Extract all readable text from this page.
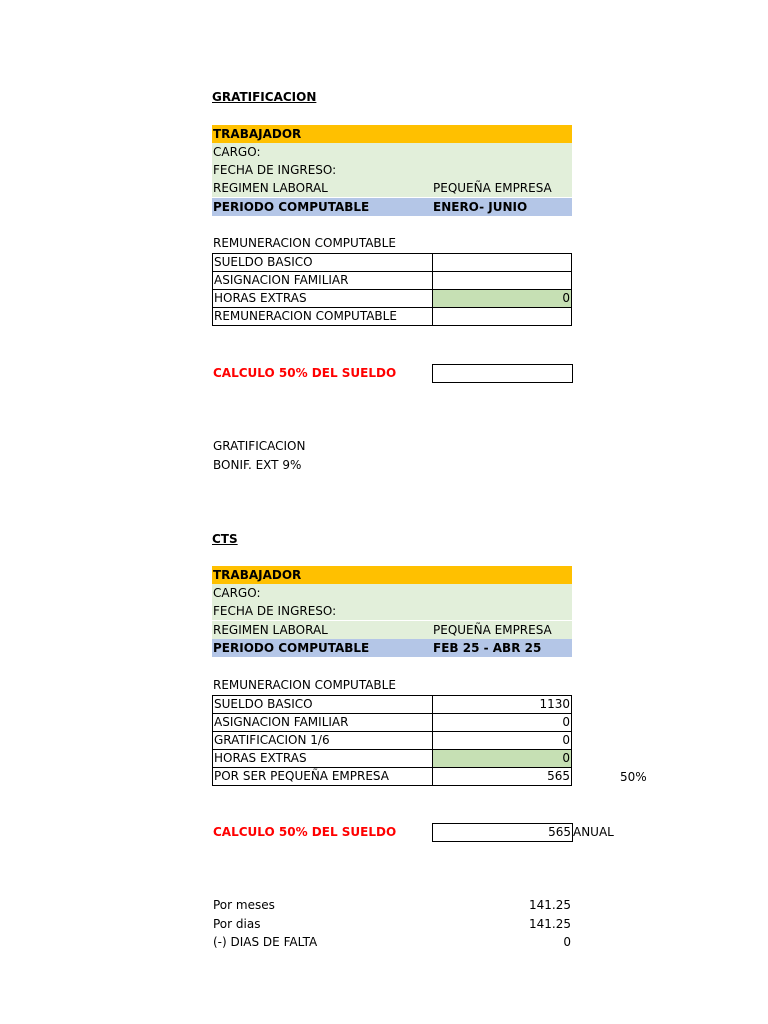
GRATIFICACION
TRABAJADOR
CARGO:
FECHA DE INGRESO:
REGIMEN LABORAL	PEQUEÑA EMPRESA
PERIODO COMPUTABLE	ENERO- JUNIO
REMUNERACION COMPUTABLE
SUELDO BASICO	
ASIGNACION FAMILIAR	
HORAS EXTRAS	0
REMUNERACION COMPUTABLE	
CALCULO 50% DEL SUELDO
GRATIFICACION
BONIF. EXT 9%
CTS
TRABAJADOR
CARGO:
FECHA DE INGRESO:
REGIMEN LABORAL	PEQUEÑA EMPRESA
PERIODO COMPUTABLE	FEB 25 - ABR 25
REMUNERACION COMPUTABLE
SUELDO BASICO	1130
ASIGNACION FAMILIAR	0
GRATIFICACION 1/6	0
HORAS EXTRAS	0
POR SER PEQUEÑA EMPRESA	565	50%
CALCULO 50% DEL SUELDO	565 ANUAL
Por meses	141.25
Por dias	141.25
(-) DIAS DE FALTA	0
